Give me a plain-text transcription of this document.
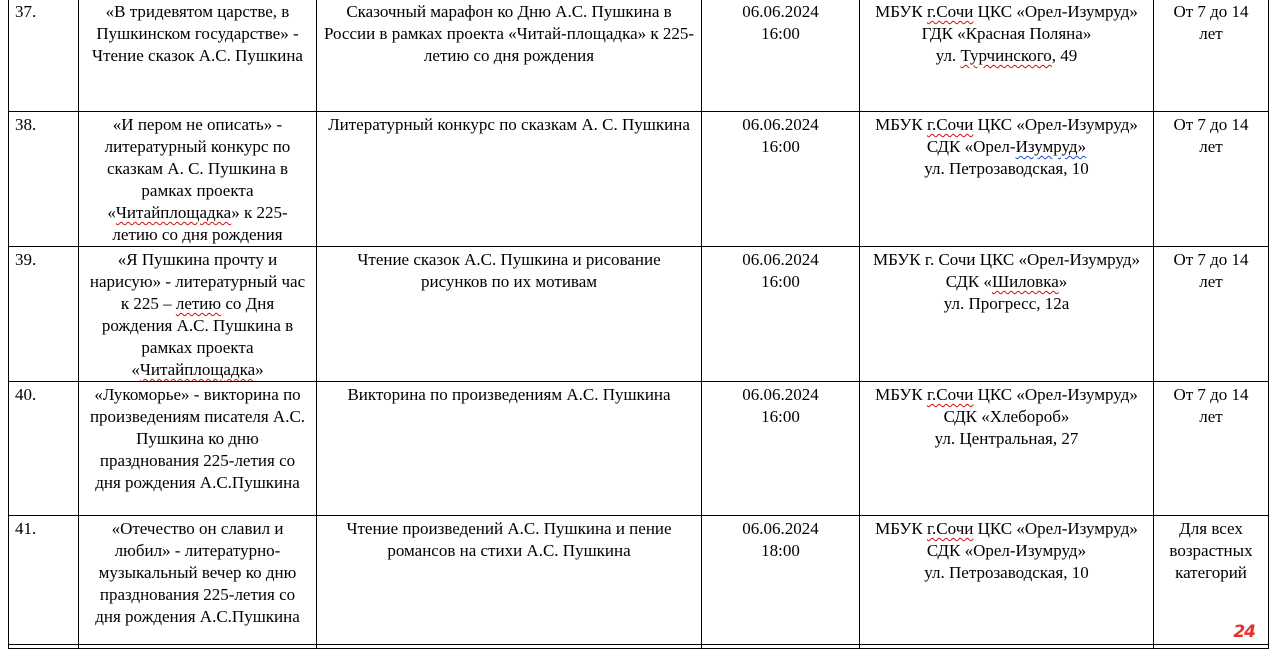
37.	«В тридевятом царстве, в Пушкинском государстве» - Чтение сказок А.С. Пушкина	Сказочный марафон ко Дню А.С. Пушкина в России в рамках проекта «Читай-площадка» к 225-летию со дня рождения	06.06.2024
16:00	МБУК г.Сочи ЦКС «Орел-Изумруд»
ГДК «Красная Поляна»
ул. Турчинского, 49	От 7 до 14 лет
38.	«И пером не описать» - литературный конкурс по сказкам А. С. Пушкина в рамках проекта «Читайплощадка» к 225-летию со дня рождения	Литературный конкурс по сказкам А. С. Пушкина	06.06.2024
16:00	МБУК г.Сочи ЦКС «Орел-Изумруд»
СДК «Орел-Изумруд»
ул. Петрозаводская, 10	От 7 до 14 лет
39.	«Я Пушкина прочту и нарисую» - литературный час к 225 – летию со Дня рождения А.С. Пушкина в рамках проекта «Читайплощадка»	Чтение сказок А.С. Пушкина и рисование рисунков по их мотивам	06.06.2024
16:00	МБУК г. Сочи ЦКС «Орел-Изумруд»
СДК «Шиловка»
ул. Прогресс, 12а	От 7 до 14 лет
40.	«Лукоморье» - викторина по произведениям писателя А.С. Пушкина ко дню празднования 225-летия со дня рождения А.С.Пушкина	Викторина по произведениям А.С. Пушкина	06.06.2024
16:00	МБУК г.Сочи ЦКС «Орел-Изумруд»
СДК «Хлебороб»
ул. Центральная, 27	От 7 до 14 лет
41.	«Отечество он славил и любил» - литературно-музыкальный вечер ко дню празднования 225-летия со дня рождения А.С.Пушкина	Чтение произведений А.С. Пушкина и пение романсов на стихи А.С. Пушкина	06.06.2024
18:00	МБУК г.Сочи ЦКС «Орел-Изумруд»
СДК «Орел-Изумруд»
ул. Петрозаводская, 10	Для всех возрастных категорий
24
